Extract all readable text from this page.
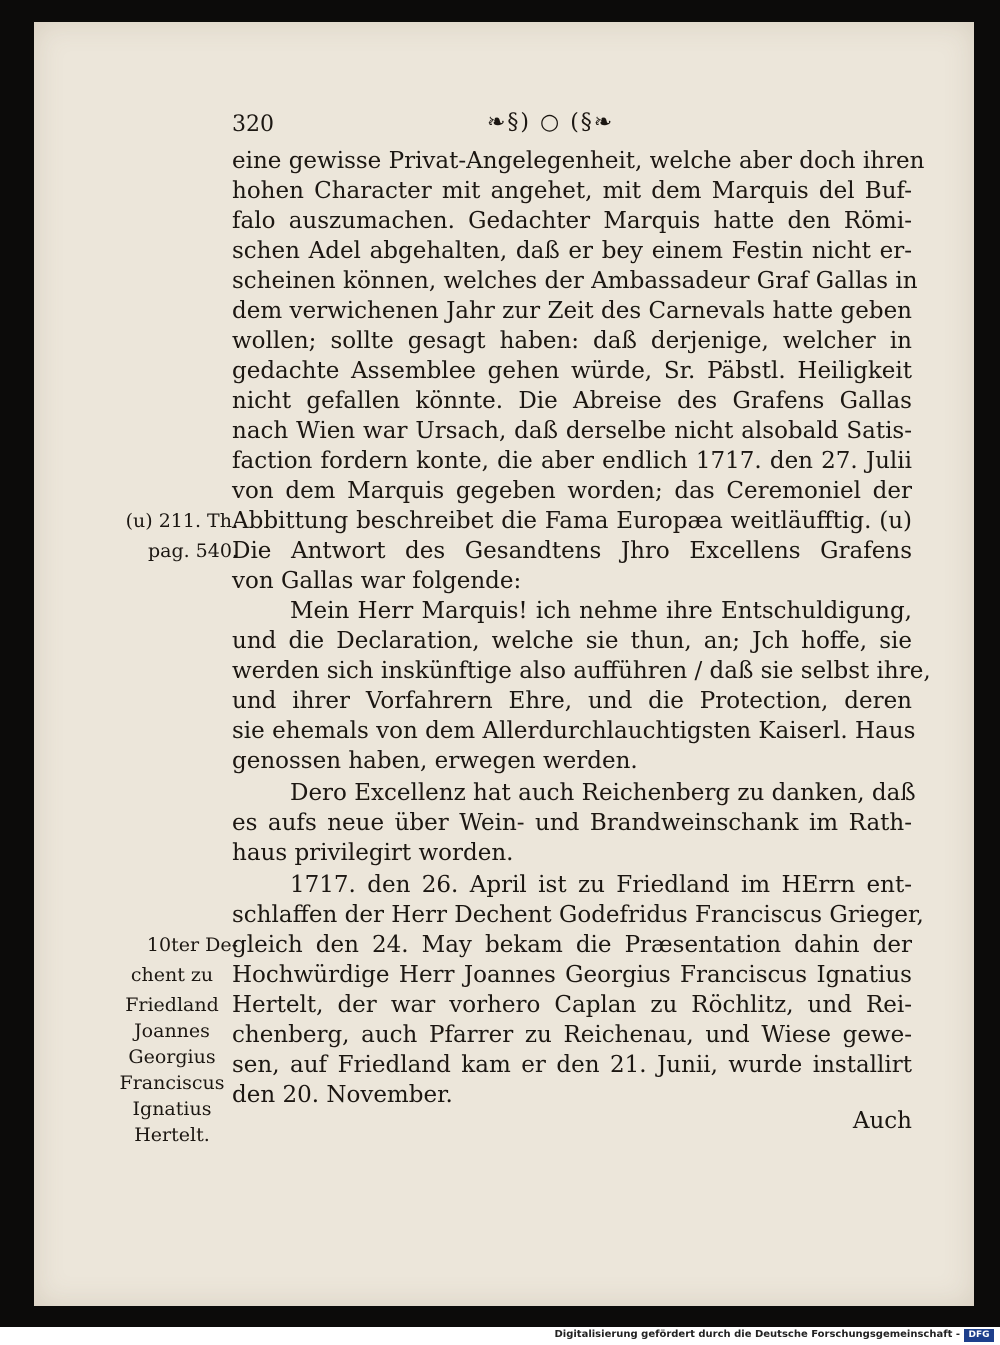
320	❧§) ○ (§❧
eine gewisse Privat-Angelegenheit, welche aber doch ihren
hohen Character mit angehet, mit dem Marquis del Buf-
falo auszumachen. Gedachter Marquis hatte den Römi-
schen Adel abgehalten, daß er bey einem Festin nicht er-
scheinen können, welches der Ambassadeur Graf Gallas in
dem verwichenen Jahr zur Zeit des Carnevals hatte geben
wollen; sollte gesagt haben: daß derjenige, welcher in
gedachte Assemblee gehen würde, Sr. Päbstl. Heiligkeit
nicht gefallen könnte. Die Abreise des Grafens Gallas
nach Wien war Ursach, daß derselbe nicht alsobald Satis-
faction fordern konte, die aber endlich 1717. den 27. Julii
von dem Marquis gegeben worden; das Ceremoniel der
Abbittung beschreibet die Fama Europæa weitläufftig. (u)
Die Antwort des Gesandtens Jhro Excellens Grafens
von Gallas war folgende:
Mein Herr Marquis! ich nehme ihre Entschuldigung,
und die Declaration, welche sie thun, an; Jch hoffe, sie
werden sich inskünftige also aufführen / daß sie selbst ihre,
und ihrer Vorfahrern Ehre, und die Protection, deren
sie ehemals von dem Allerdurchlauchtigsten Kaiserl. Haus
genossen haben, erwegen werden.
Dero Excellenz hat auch Reichenberg zu danken, daß
es aufs neue über Wein- und Brandweinschank im Rath-
haus privilegirt worden.
1717. den 26. April ist zu Friedland im HErrn ent-
schlaffen der Herr Dechent Godefridus Franciscus Grieger,
gleich den 24. May bekam die Præsentation dahin der
Hochwürdige Herr Joannes Georgius Franciscus Ignatius
Hertelt, der war vorhero Caplan zu Röchlitz, und Rei-
chenberg, auch Pfarrer zu Reichenau, und Wiese gewe-
sen, auf Friedland kam er den 21. Junii, wurde installirt
den 20. November.
Auch
(u) 211. Th.
pag. 540.
10ter De-
chent zu
Friedland
Joannes
Georgius
Franciscus
Ignatius
Hertelt.
Digitalisierung gefördert durch die Deutsche Forschungsgemeinschaft - DFG
